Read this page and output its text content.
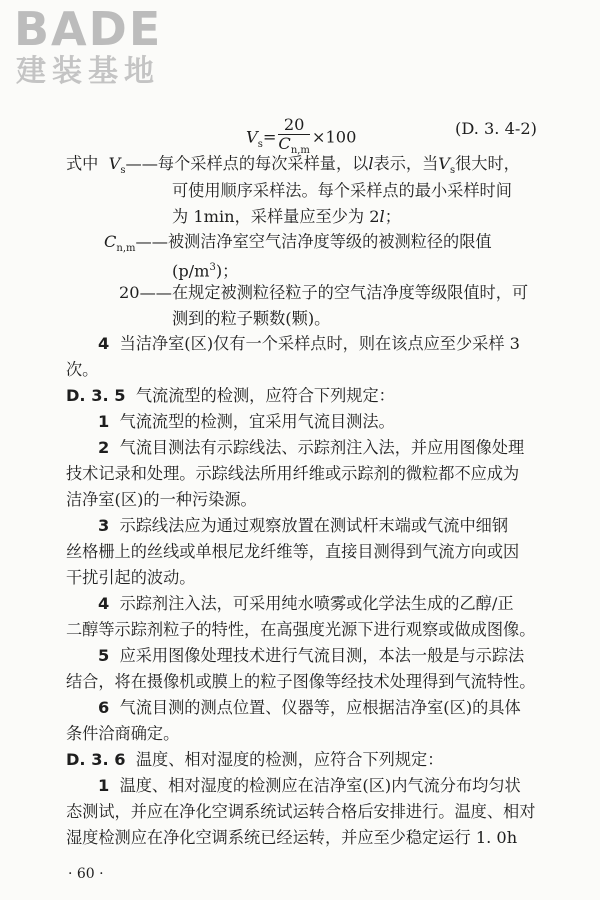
BADE
建装基地
$V_s= \frac{20}{C_{n,m}} \times 100$	(D. 3. 4-2)
式中 $V_s——$每个采样点的每次采样量，以l表示，当$V_s$很大时，
可使用顺序采样法。每个采样点的最小采样时间
为 1min，采样量应至少为 2l；
$C_{n,m}——$被测洁净室空气洁净度等级的被测粒径的限值
$(p/m^3)$；
20——在规定被测粒径粒子的空气洁净度等级限值时，可
测到的粒子颗数(颗)。
4 当洁净室(区)仅有一个采样点时，则在该点应至少采样 3
次。
D. 3. 5 气流流型的检测，应符合下列规定：
1 气流流型的检测，宜采用气流目测法。
2 气流目测法有示踪线法、示踪剂注入法，并应用图像处理
技术记录和处理。示踪线法所用纤维或示踪剂的微粒都不应成为
洁净室(区)的一种污染源。
3 示踪线法应为通过观察放置在测试杆末端或气流中细钢
丝格栅上的丝线或单根尼龙纤维等，直接目测得到气流方向或因
干扰引起的波动。
4 示踪剂注入法，可采用纯水喷雾或化学法生成的乙醇/正
二醇等示踪剂粒子的特性，在高强度光源下进行观察或做成图像。
5 应采用图像处理技术进行气流目测，本法一般是与示踪法
结合，将在摄像机或膜上的粒子图像等经技术处理得到气流特性。
6 气流目测的测点位置、仪器等，应根据洁净室(区)的具体
条件洽商确定。
D. 3. 6 温度、相对湿度的检测，应符合下列规定：
1 温度、相对湿度的检测应在洁净室(区)内气流分布均匀状
态测试，并应在净化空调系统试运转合格后安排进行。温度、相对
湿度检测应在净化空调系统已经运转，并应至少稳定运行 1. 0h
· 60 ·
